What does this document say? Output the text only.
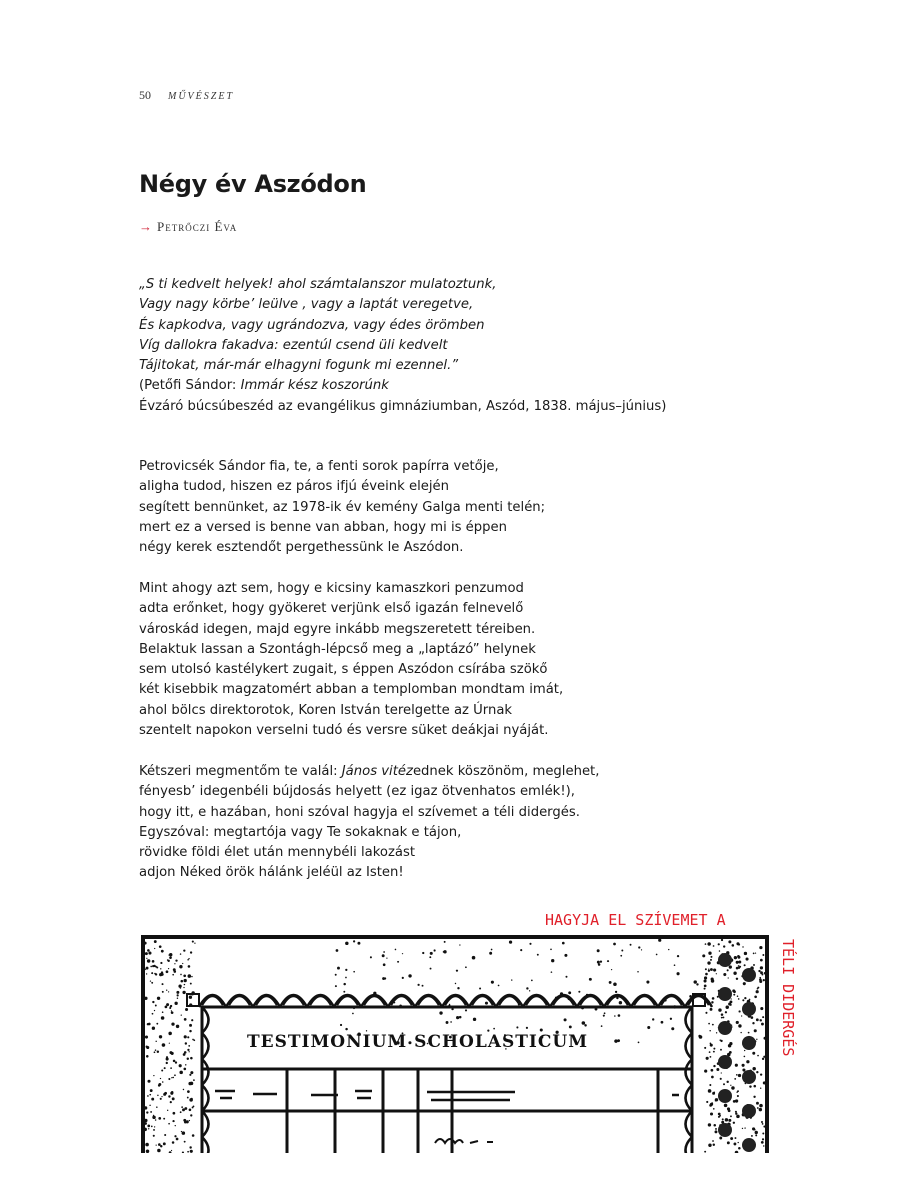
50 MŰVÉSZET
Négy év Aszódon
→ Petrőczi Éva
„S ti kedvelt helyek! ahol számtalanszor mulatoztunk,
Vagy nagy körbe’ leülve , vagy a laptát veregetve,
És kapkodva, vagy ugrándozva, vagy édes örömben
Víg dallokra fakadva: ezentúl csend üli kedvelt
Tájitokat, már-már elhagyni fogunk mi ezennel.”
(Petőfi Sándor: Immár kész koszorúnk
Évzáró búcsúbeszéd az evangélikus gimnáziumban, Aszód, 1838. május–június)
Petrovicsék Sándor fia, te, a fenti sorok papírra vetője,
aligha tudod, hiszen ez páros ifjú éveink elején
segített bennünket, az 1978-ik év kemény Galga menti telén;
mert ez a versed is benne van abban, hogy mi is éppen
négy kerek esztendőt pergethessünk le Aszódon.
Mint ahogy azt sem, hogy e kicsiny kamaszkori penzumod
adta erőnket, hogy gyökeret verjünk első igazán felnevelő
városkád idegen, majd egyre inkább megszeretett téreiben.
Belaktuk lassan a Szontágh-lépcső meg a „laptázó” helynek
sem utolsó kastélykert zugait, s éppen Aszódon csírába szökő
két kisebbik magzatomért abban a templomban mondtam imát,
ahol bölcs direktorotok, Koren István terelgette az Úrnak
szentelt napokon verselni tudó és versre süket deákjai nyáját.
Kétszeri megmentőm te valál: János vitézednek köszönöm, meglehet,
fényesb’ idegenbéli bújdosás helyett (ez igaz ötvenhatos emlék!),
hogy itt, e hazában, honi szóval hagyja el szívemet a téli didergés.
Egyszóval: megtartója vagy Te sokaknak e tájon,
rövidke földi élet után mennybéli lakozást
adjon Néked örök hálánk jeléül az Isten!
TESTIMONIUM SCHOLASTICUM
HAGYJA EL SZÍVEMET A
TÉLI DIDERGÉS
